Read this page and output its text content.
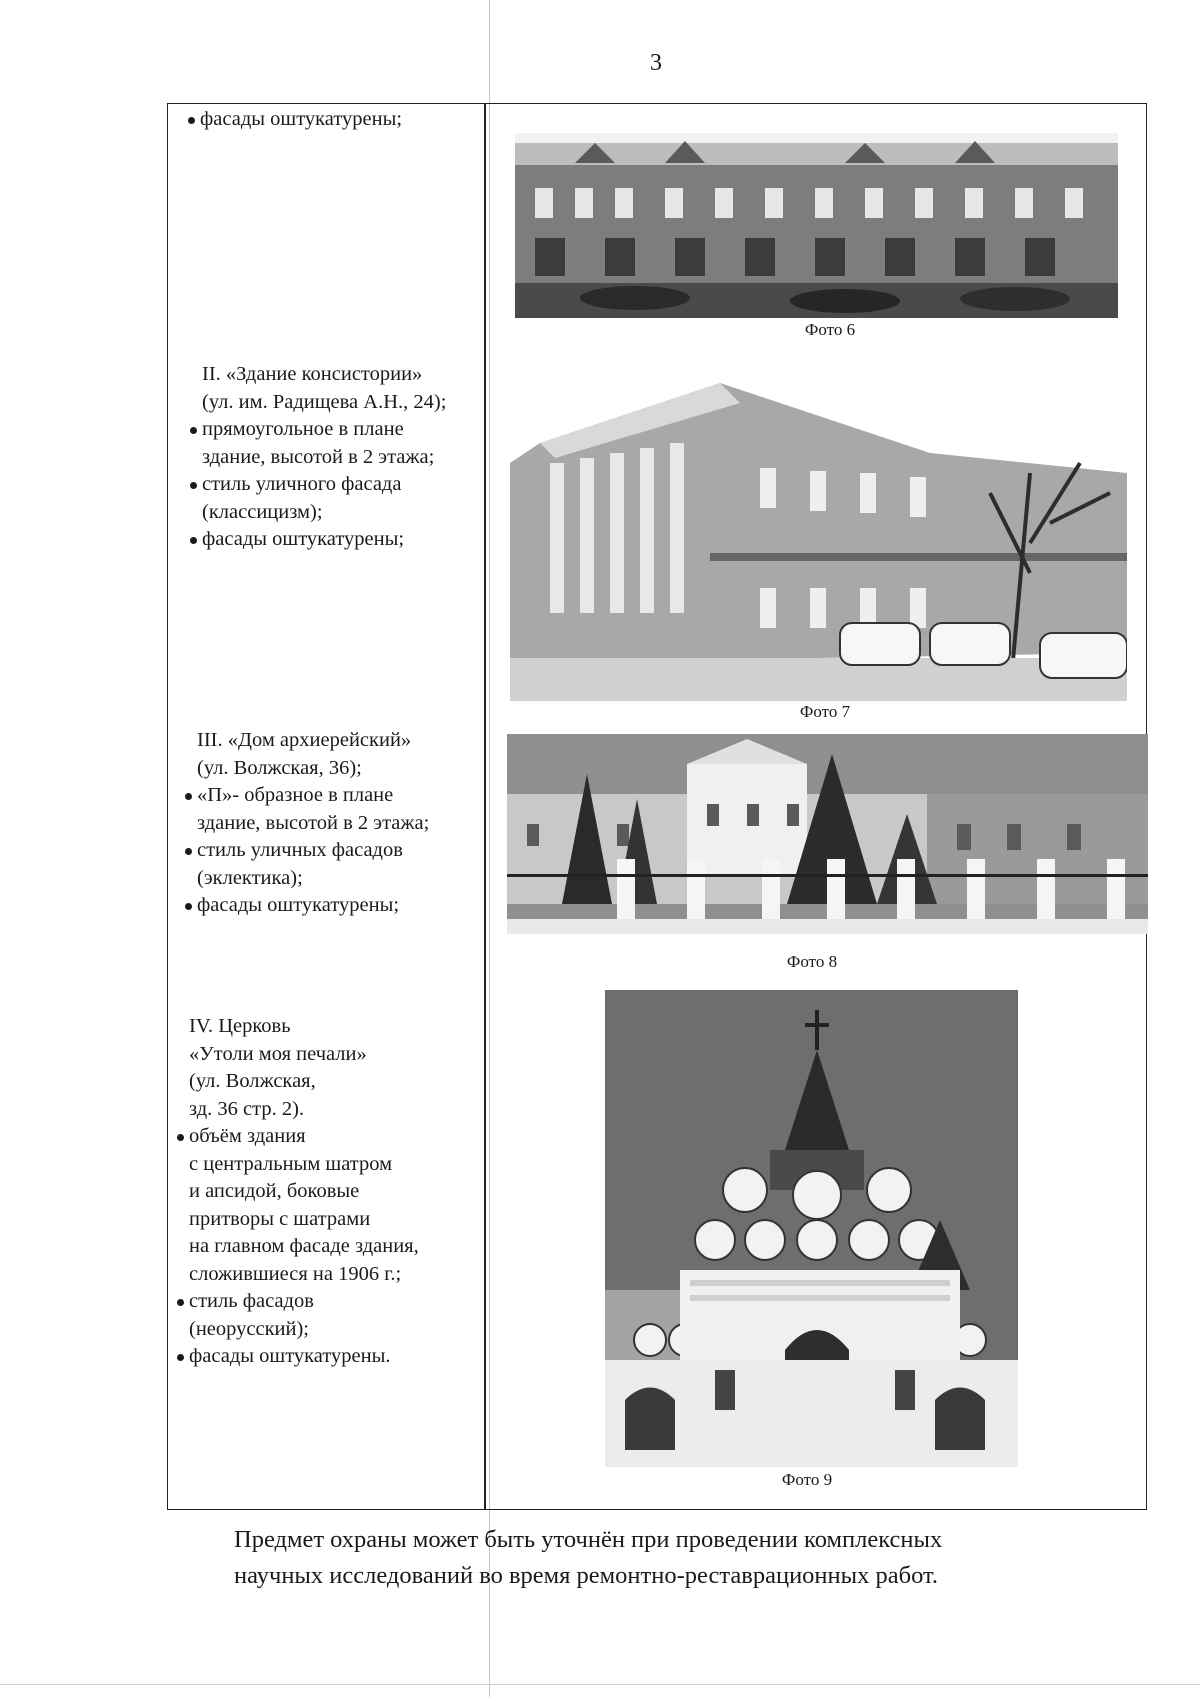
3
фасады оштукатурены;
II. «Здание консистории»
(ул. им. Радищева А.Н., 24);
прямоугольное в плане
здание, высотой в 2 этажа;
стиль уличного фасада
(классицизм);
фасады оштукатурены;
III. «Дом архиерейский»
(ул. Волжская, 36);
«П»- образное в плане
здание, высотой в 2 этажа;
стиль уличных фасадов
(эклектика);
фасады оштукатурены;
IV. Церковь
«Утоли моя печали»
(ул. Волжская,
зд. 36 стр. 2).
объём здания
с центральным шатром
и апсидой, боковые
притворы с шатрами
на главном фасаде здания,
сложившиеся на 1906 г.;
стиль фасадов
(неорусский);
фасады оштукатурены.
Фото 6
Фото 7
Фото 8
Фото 9
Предмет охраны может быть уточнён при проведении комплексных
научных исследований во время ремонтно-реставрационных работ.
